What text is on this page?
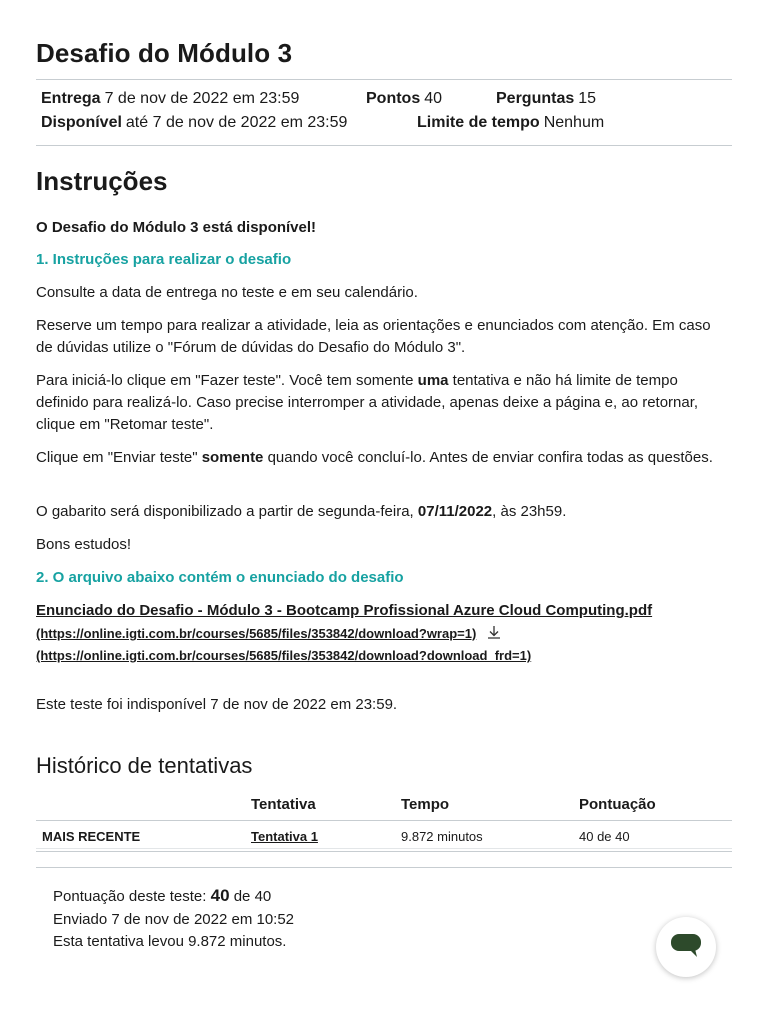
Desafio do Módulo 3
Entrega 7 de nov de 2022 em 23:59	Pontos 40	Perguntas 15
Disponível até 7 de nov de 2022 em 23:59	Limite de tempo Nenhum
Instruções
O Desafio do Módulo 3 está disponível!
1. Instruções para realizar o desafio
Consulte a data de entrega no teste e em seu calendário.
Reserve um tempo para realizar a atividade, leia as orientações e enunciados com atenção. Em caso de dúvidas utilize o "Fórum de dúvidas do Desafio do Módulo 3".
Para iniciá-lo clique em "Fazer teste". Você tem somente uma tentativa e não há limite de tempo definido para realizá-lo. Caso precise interromper a atividade, apenas deixe a página e, ao retornar, clique em "Retomar teste".
Clique em "Enviar teste" somente quando você concluí-lo. Antes de enviar confira todas as questões.
O gabarito será disponibilizado a partir de segunda-feira, 07/11/2022, às 23h59.
Bons estudos!
2. O arquivo abaixo contém o enunciado do desafio
Enunciado do Desafio - Módulo 3 - Bootcamp Profissional Azure Cloud Computing.pdf
(https://online.igti.com.br/courses/5685/files/353842/download?wrap=1)
(https://online.igti.com.br/courses/5685/files/353842/download?download_frd=1)
Este teste foi indisponível 7 de nov de 2022 em 23:59.
Histórico de tentativas
	Tentativa	Tempo	Pontuação
MAIS RECENTE	Tentativa 1	9.872 minutos	40 de 40
Pontuação deste teste: 40 de 40
Enviado 7 de nov de 2022 em 10:52
Esta tentativa levou 9.872 minutos.
